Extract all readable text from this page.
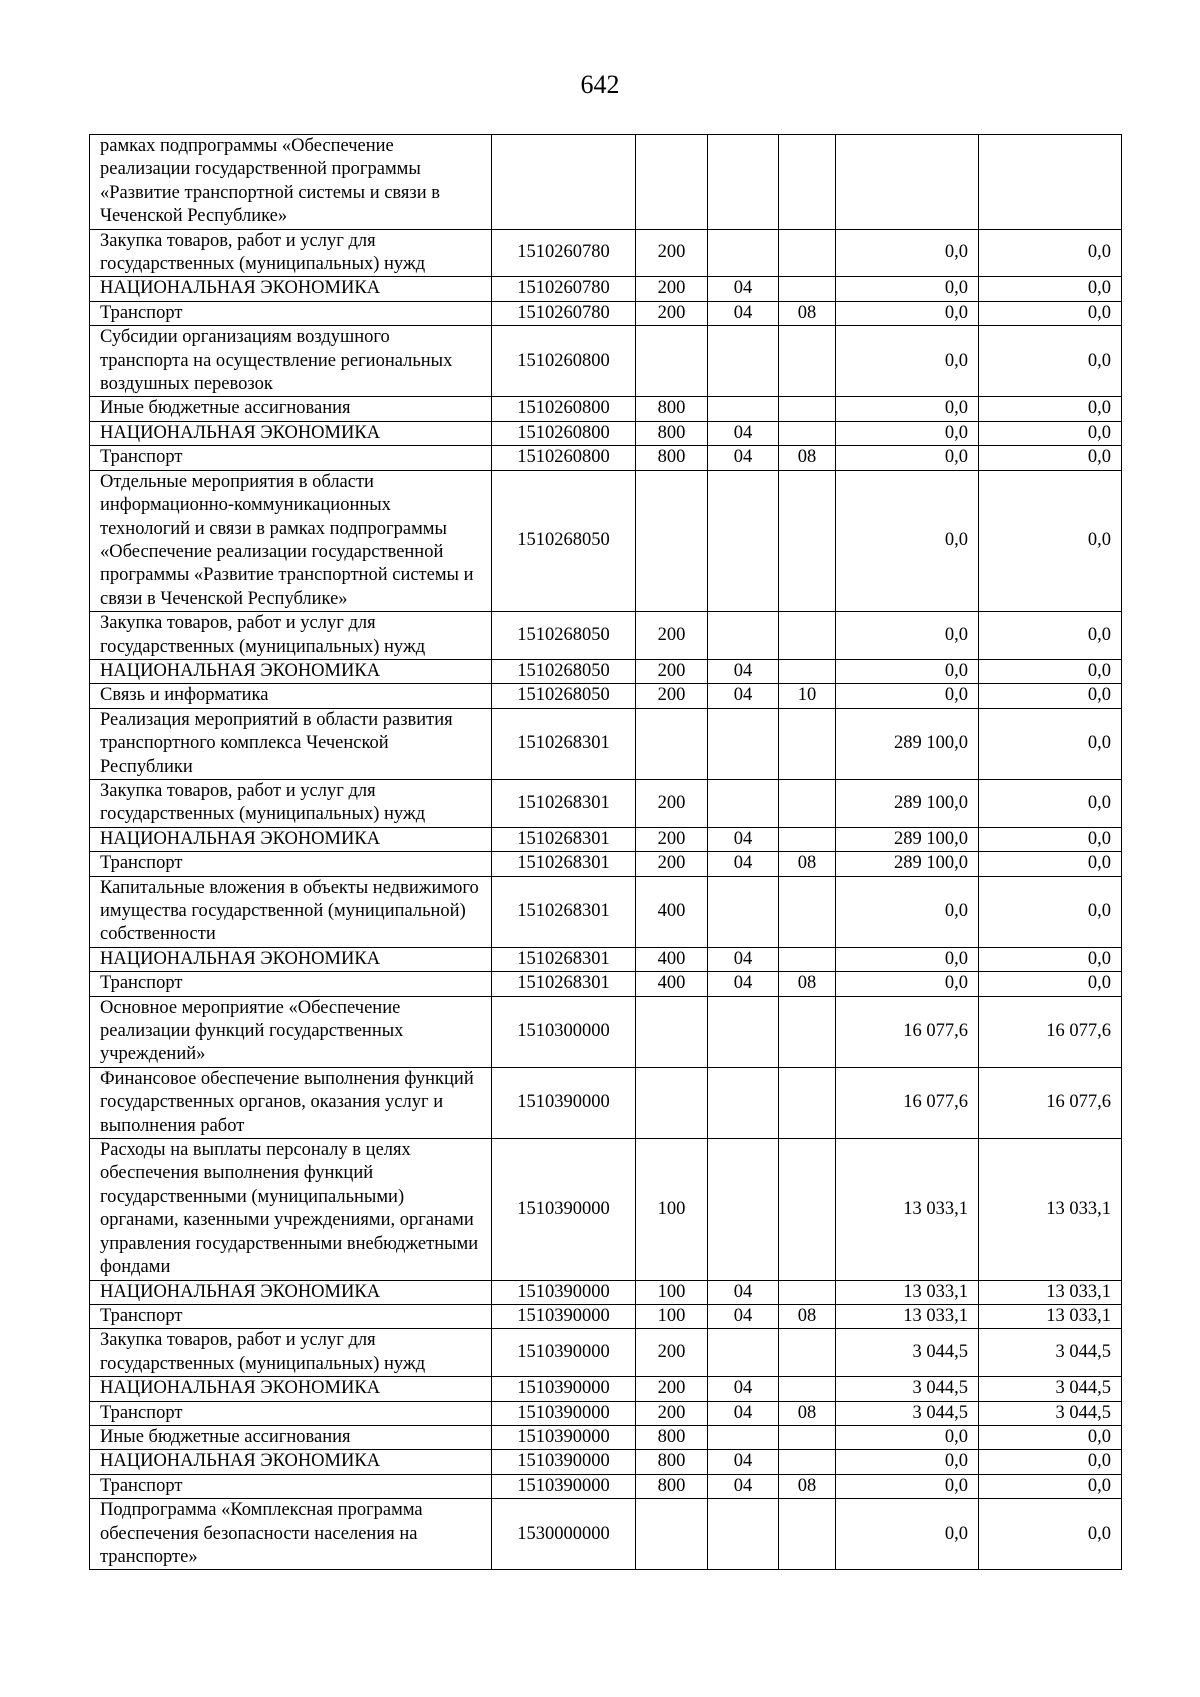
642
рамках подпрограммы «Обеспечение реализации государственной программы «Развитие транспортной системы и связи в Чеченской Республике»						
Закупка товаров, работ и услуг для государственных (муниципальных) нужд	1510260780	200			0,0	0,0
НАЦИОНАЛЬНАЯ ЭКОНОМИКА	1510260780	200	04		0,0	0,0
Транспорт	1510260780	200	04	08	0,0	0,0
Субсидии организациям воздушного транспорта на осуществление региональных воздушных перевозок	1510260800				0,0	0,0
Иные бюджетные ассигнования	1510260800	800			0,0	0,0
НАЦИОНАЛЬНАЯ ЭКОНОМИКА	1510260800	800	04		0,0	0,0
Транспорт	1510260800	800	04	08	0,0	0,0
Отдельные мероприятия в области информационно-коммуникационных технологий и связи в рамках подпрограммы «Обеспечение реализации государственной программы «Развитие транспортной системы и связи в Чеченской Республике»	1510268050				0,0	0,0
Закупка товаров, работ и услуг для государственных (муниципальных) нужд	1510268050	200			0,0	0,0
НАЦИОНАЛЬНАЯ ЭКОНОМИКА	1510268050	200	04		0,0	0,0
Связь и информатика	1510268050	200	04	10	0,0	0,0
Реализация мероприятий в области развития транспортного комплекса Чеченской Республики	1510268301				289 100,0	0,0
Закупка товаров, работ и услуг для государственных (муниципальных) нужд	1510268301	200			289 100,0	0,0
НАЦИОНАЛЬНАЯ ЭКОНОМИКА	1510268301	200	04		289 100,0	0,0
Транспорт	1510268301	200	04	08	289 100,0	0,0
Капитальные вложения в объекты недвижимого имущества государственной (муниципальной) собственности	1510268301	400			0,0	0,0
НАЦИОНАЛЬНАЯ ЭКОНОМИКА	1510268301	400	04		0,0	0,0
Транспорт	1510268301	400	04	08	0,0	0,0
Основное мероприятие «Обеспечение реализации функций государственных учреждений»	1510300000				16 077,6	16 077,6
Финансовое обеспечение выполнения функций государственных органов, оказания услуг и выполнения работ	1510390000				16 077,6	16 077,6
Расходы на выплаты персоналу в целях обеспечения выполнения функций государственными (муниципальными) органами, казенными учреждениями, органами управления государственными внебюджетными фондами	1510390000	100			13 033,1	13 033,1
НАЦИОНАЛЬНАЯ ЭКОНОМИКА	1510390000	100	04		13 033,1	13 033,1
Транспорт	1510390000	100	04	08	13 033,1	13 033,1
Закупка товаров, работ и услуг для государственных (муниципальных) нужд	1510390000	200			3 044,5	3 044,5
НАЦИОНАЛЬНАЯ ЭКОНОМИКА	1510390000	200	04		3 044,5	3 044,5
Транспорт	1510390000	200	04	08	3 044,5	3 044,5
Иные бюджетные ассигнования	1510390000	800			0,0	0,0
НАЦИОНАЛЬНАЯ ЭКОНОМИКА	1510390000	800	04		0,0	0,0
Транспорт	1510390000	800	04	08	0,0	0,0
Подпрограмма «Комплексная программа обеспечения безопасности населения на транспорте»	1530000000				0,0	0,0
